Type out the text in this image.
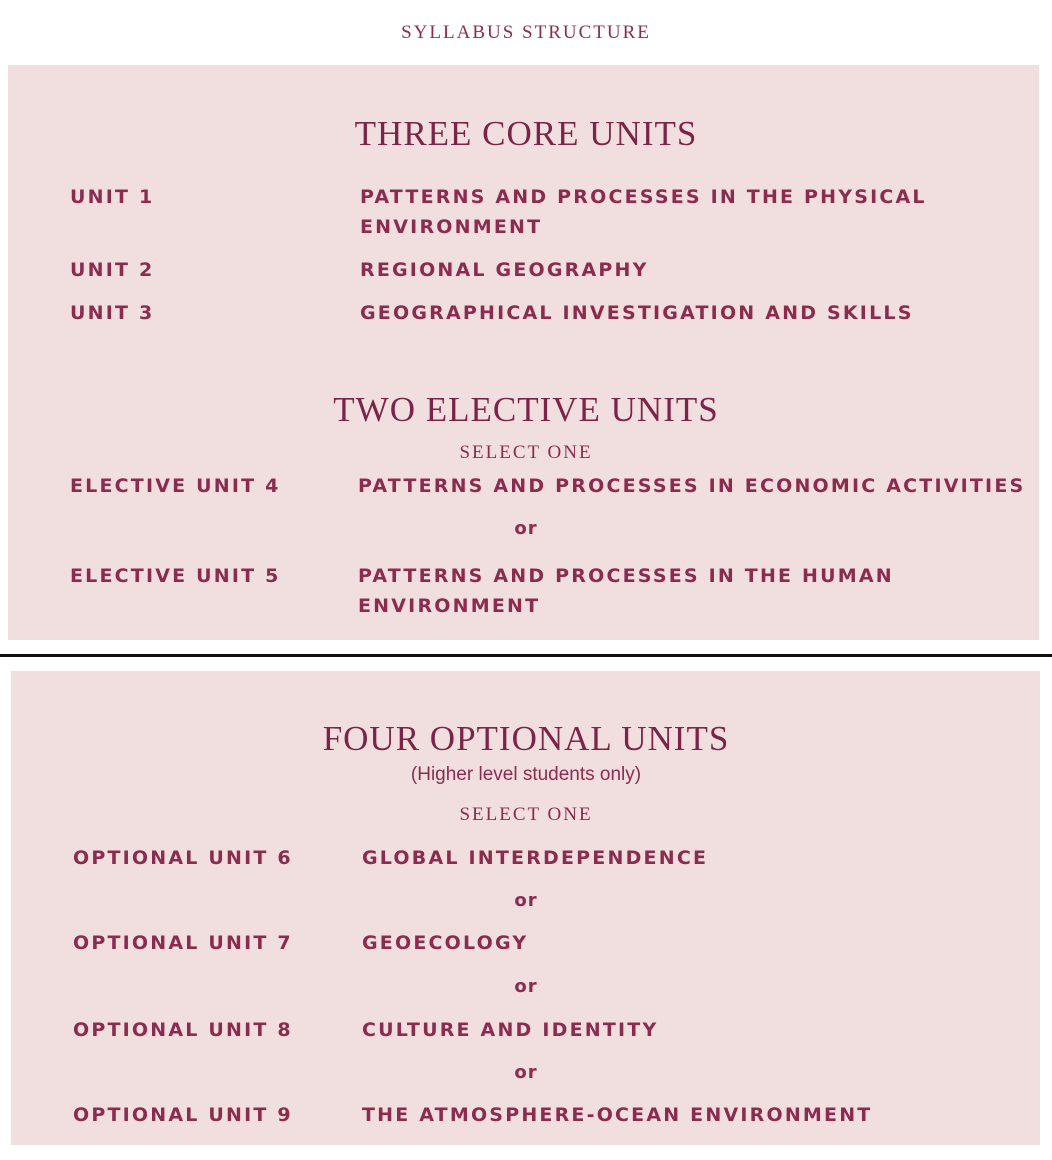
SYLLABUS STRUCTURE
THREE CORE UNITS
UNIT 1	PATTERNS AND PROCESSES IN THE PHYSICAL ENVIRONMENT
UNIT 2	REGIONAL GEOGRAPHY
UNIT 3	GEOGRAPHICAL INVESTIGATION AND SKILLS
TWO ELECTIVE UNITS
SELECT ONE
ELECTIVE UNIT 4	PATTERNS AND PROCESSES IN ECONOMIC ACTIVITIES
or
ELECTIVE UNIT 5	PATTERNS AND PROCESSES IN THE HUMAN ENVIRONMENT
FOUR OPTIONAL UNITS
(Higher level students only)
SELECT ONE
OPTIONAL UNIT 6	GLOBAL INTERDEPENDENCE
or
OPTIONAL UNIT 7	GEOECOLOGY
or
OPTIONAL UNIT 8	CULTURE AND IDENTITY
or
OPTIONAL UNIT 9	THE ATMOSPHERE-OCEAN ENVIRONMENT
